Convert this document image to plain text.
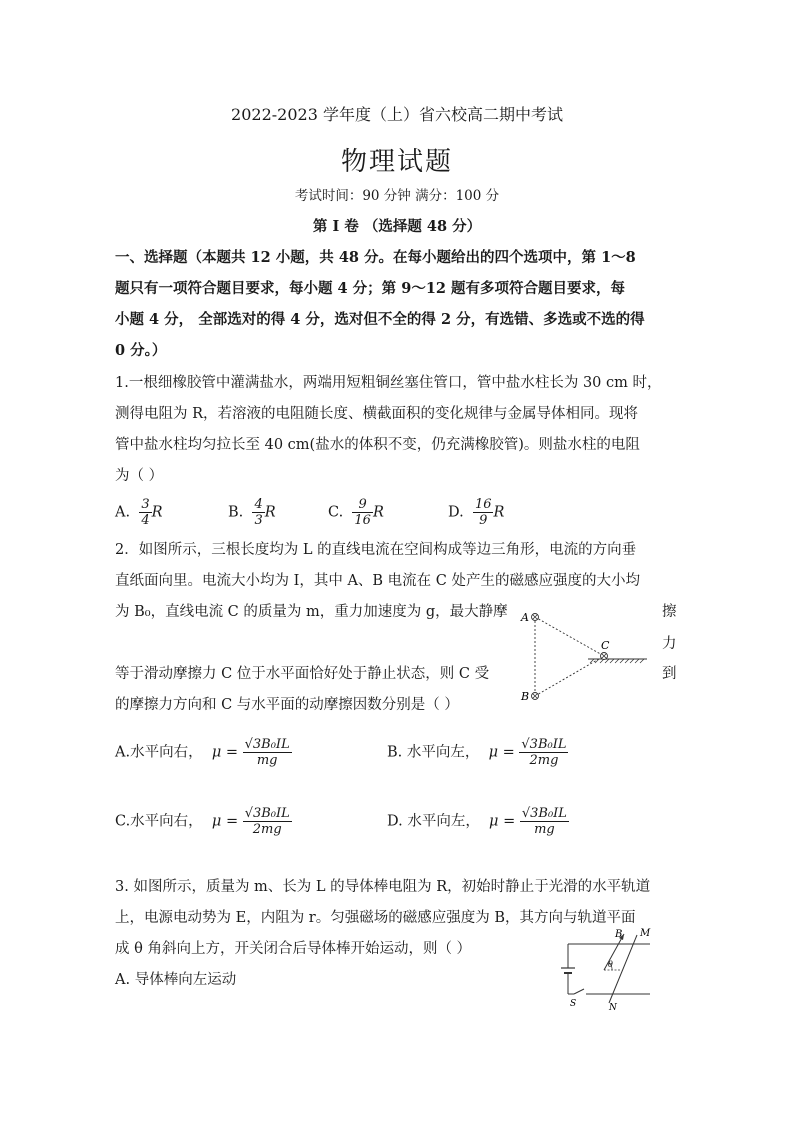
2022-2023 学年度（上）省六校高二期中考试
物理试题
考试时间：90 分钟 满分：100 分
第 I 卷 （选择题 48 分）
一、选择题（本题共 12 小题，共 48 分。在每小题给出的四个选项中，第 1～8
题只有一项符合题目要求，每小题 4 分；第 9～12 题有多项符合题目要求，每
小题 4 分， 全部选对的得 4 分，选对但不全的得 2 分，有选错、多选或不选的得
0 分。）
1.一根细橡胶管中灌满盐水，两端用短粗铜丝塞住管口，管中盐水柱长为 30 cm 时，
测得电阻为 R，若溶液的电阻随长度、横截面积的变化规律与金属导体相同。现将
管中盐水柱均匀拉长至 40 cm(盐水的体积不变，仍充满橡胶管)。则盐水柱的电阻
为（ ）
A. $\frac{3}{4}$ R	B. $\frac{4}{3}$ R	C. $\frac{9}{16}$ R	D. $\frac{16}{9}$ R
2．如图所示，三根长度均为 L 的直线电流在空间构成等边三角形，电流的方向垂
直纸面向里。电流大小均为 I，其中 A、B 电流在 C 处产生的磁感应强度的大小均
为 B₀，直线电流 C 的质量为 m，重力加速度为 g，最大静摩	擦
力
等于滑动摩擦力 C 位于水平面恰好处于静止状态，则 C 受	到
的摩擦力方向和 C 与水平面的动摩擦因数分别是（ ）
A
B
C
A.水平向右， $\mu = \frac{\text{√3B₀IL}}{mg}$	B. 水平向左， $\mu = \frac{\text{√3B₀IL}}{2mg}$
C.水平向右， $\mu = \frac{\text{√3B₀IL}}{2mg}$	D. 水平向左， $\mu = \frac{\text{√3B₀IL}}{mg}$
3. 如图所示，质量为 m、长为 L 的导体棒电阻为 R，初始时静止于光滑的水平轨道
上，电源电动势为 E，内阻为 r。匀强磁场的磁感应强度为 B，其方向与轨道平面
成 θ 角斜向上方，开关闭合后导体棒开始运动，则（ ）
A. 导体棒向左运动
B M
θ
S	N
